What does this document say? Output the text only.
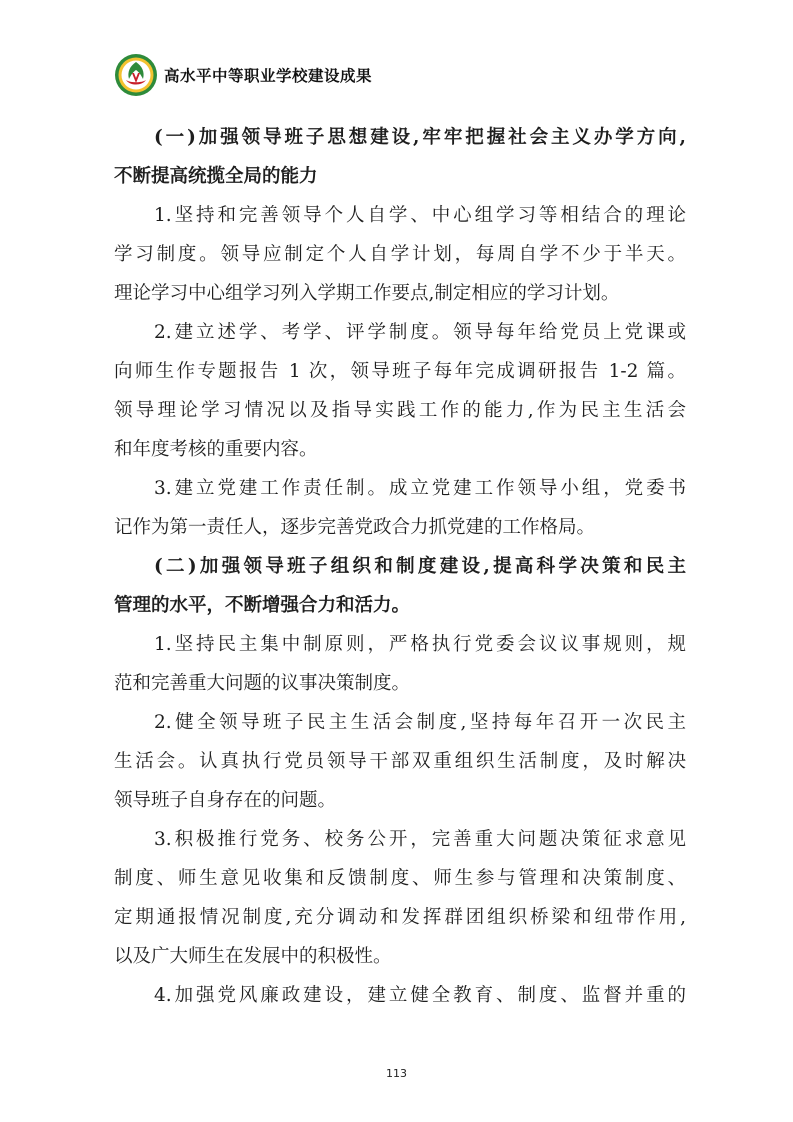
高水平中等职业学校建设成果
(一)加强领导班子思想建设,牢牢把握社会主义办学方向,
不断提高统揽全局的能力
1.坚持和完善领导个人自学、中心组学习等相结合的理论
学习制度。领导应制定个人自学计划，每周自学不少于半天。
理论学习中心组学习列入学期工作要点,制定相应的学习计划。
2.建立述学、考学、评学制度。领导每年给党员上党课或
向师生作专题报告 1 次，领导班子每年完成调研报告 1-2 篇。
领导理论学习情况以及指导实践工作的能力,作为民主生活会
和年度考核的重要内容。
3.建立党建工作责任制。成立党建工作领导小组，党委书
记作为第一责任人，逐步完善党政合力抓党建的工作格局。
(二)加强领导班子组织和制度建设,提高科学决策和民主
管理的水平，不断增强合力和活力。
1.坚持民主集中制原则，严格执行党委会议议事规则，规
范和完善重大问题的议事决策制度。
2.健全领导班子民主生活会制度,坚持每年召开一次民主
生活会。认真执行党员领导干部双重组织生活制度，及时解决
领导班子自身存在的问题。
3.积极推行党务、校务公开，完善重大问题决策征求意见
制度、师生意见收集和反馈制度、师生参与管理和决策制度、
定期通报情况制度,充分调动和发挥群团组织桥梁和纽带作用,
以及广大师生在发展中的积极性。
4.加强党风廉政建设，建立健全教育、制度、监督并重的
113
